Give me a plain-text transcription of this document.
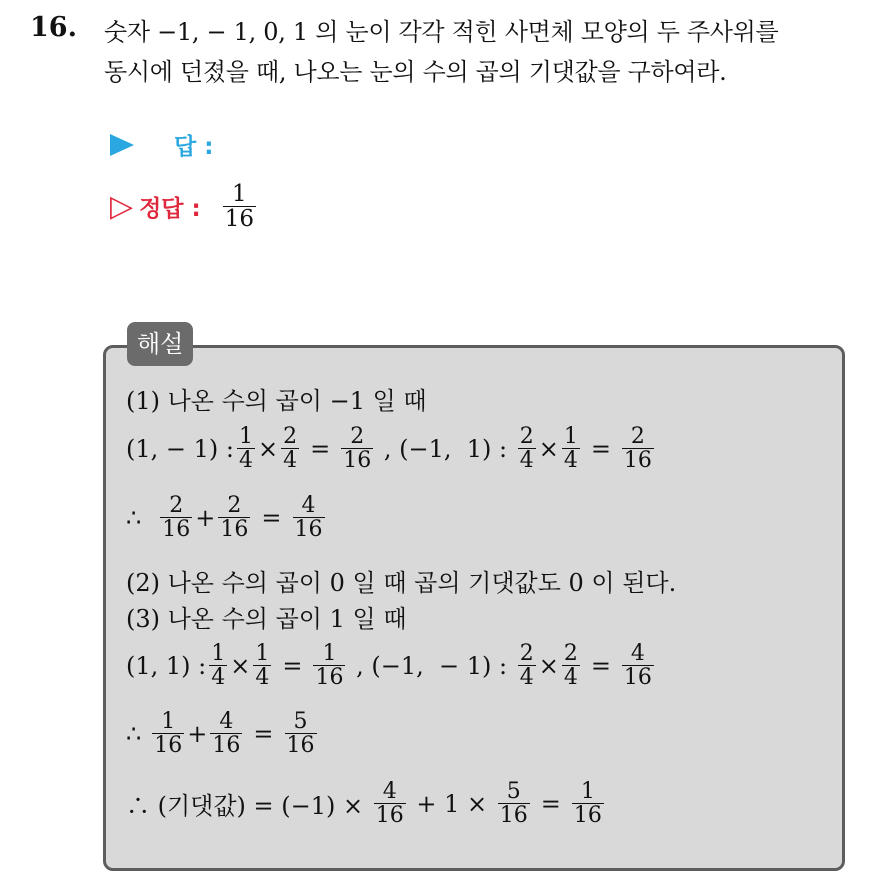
16. 숫자 −1, − 1, 0, 1 의 눈이 각각 적힌 사면체 모양의 두 주사위를
동시에 던졌을 때, 나오는 눈의 수의 곱의 기댓값을 구하여라.
답 :
▷ 정답 : $\frac{1}{16}$
해설
(1) 나온 수의 곱이 −1 일 때
(1, − 1) : $\frac{1}{4} \times \frac{2}{4} = \frac{2}{16}$ , (−1,  1) : $\frac{2}{4} \times \frac{1}{4} = \frac{2}{16}$
∴ $\frac{2}{16} + \frac{2}{16} = \frac{4}{16}$
(2) 나온 수의 곱이 0 일 때 곱의 기댓값도 0 이 된다.
(3) 나온 수의 곱이 1 일 때
(1, 1) : $\frac{1}{4} \times \frac{1}{4} = \frac{1}{16}$ , (−1,  − 1) : $\frac{2}{4} \times \frac{2}{4} = \frac{4}{16}$
∴ $\frac{1}{16} + \frac{4}{16} = \frac{5}{16}$
∴ (기댓값) = $(-1) \times \frac{4}{16} + 1 \times \frac{5}{16} = \frac{1}{16}$
